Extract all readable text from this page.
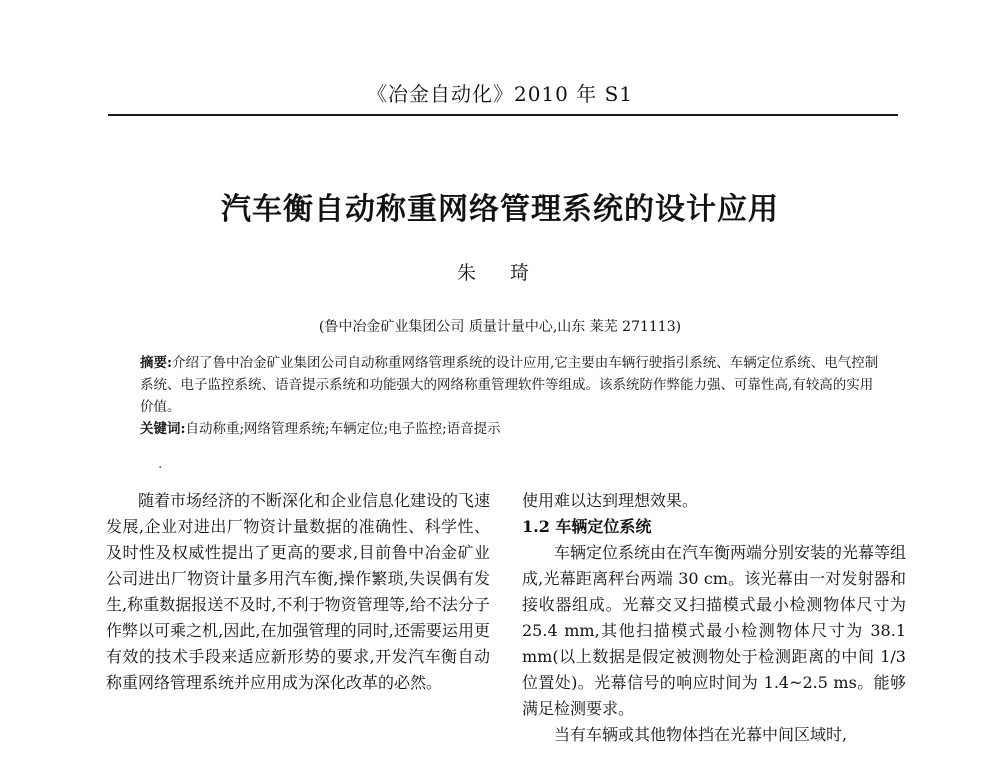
《冶金自动化》2010 年 S1
汽车衡自动称重网络管理系统的设计应用
朱 琦
(鲁中冶金矿业集团公司 质量计量中心,山东 莱芜 271113)

摘要:介绍了鲁中冶金矿业集团公司自动称重网络管理系统的设计应用,它主要由车辆行驶指引系统、车辆定位系统、电气控制系统、电子监控系统、语音提示系统和功能强大的网络称重管理软件等组成。该系统防作弊能力强、可靠性高,有较高的实用价值。

关键词:自动称重;网络管理系统;车辆定位;电子监控;语音提示

·

随着市场经济的不断深化和企业信息化建设的飞速发展,企业对进出厂物资计量数据的准确性、科学性、及时性及权威性提出了更高的要求,目前鲁中冶金矿业公司进出厂物资计量多用汽车衡,操作繁琐,失误偶有发生,称重数据报送不及时,不利于物资管理等,给不法分子作弊以可乘之机,因此,在加强管理的同时,还需要运用更有效的技术手段来适应新形势的要求,开发汽车衡自动称重网络管理系统并应用成为深化改革的必然。

使用难以达到理想效果。

1.2 车辆定位系统

车辆定位系统由在汽车衡两端分别安装的光幕等组成,光幕距离秤台两端 30 cm。该光幕由一对发射器和接收器组成。光幕交叉扫描模式最小检测物体尺寸为 25.4 mm,其他扫描模式最小检测物体尺寸为 38.1 mm(以上数据是假定被测物处于检测距离的中间 1/3 位置处)。光幕信号的响应时间为 1.4~2.5 ms。能够满足检测要求。

当有车辆或其他物体挡在光幕中间区域时,
